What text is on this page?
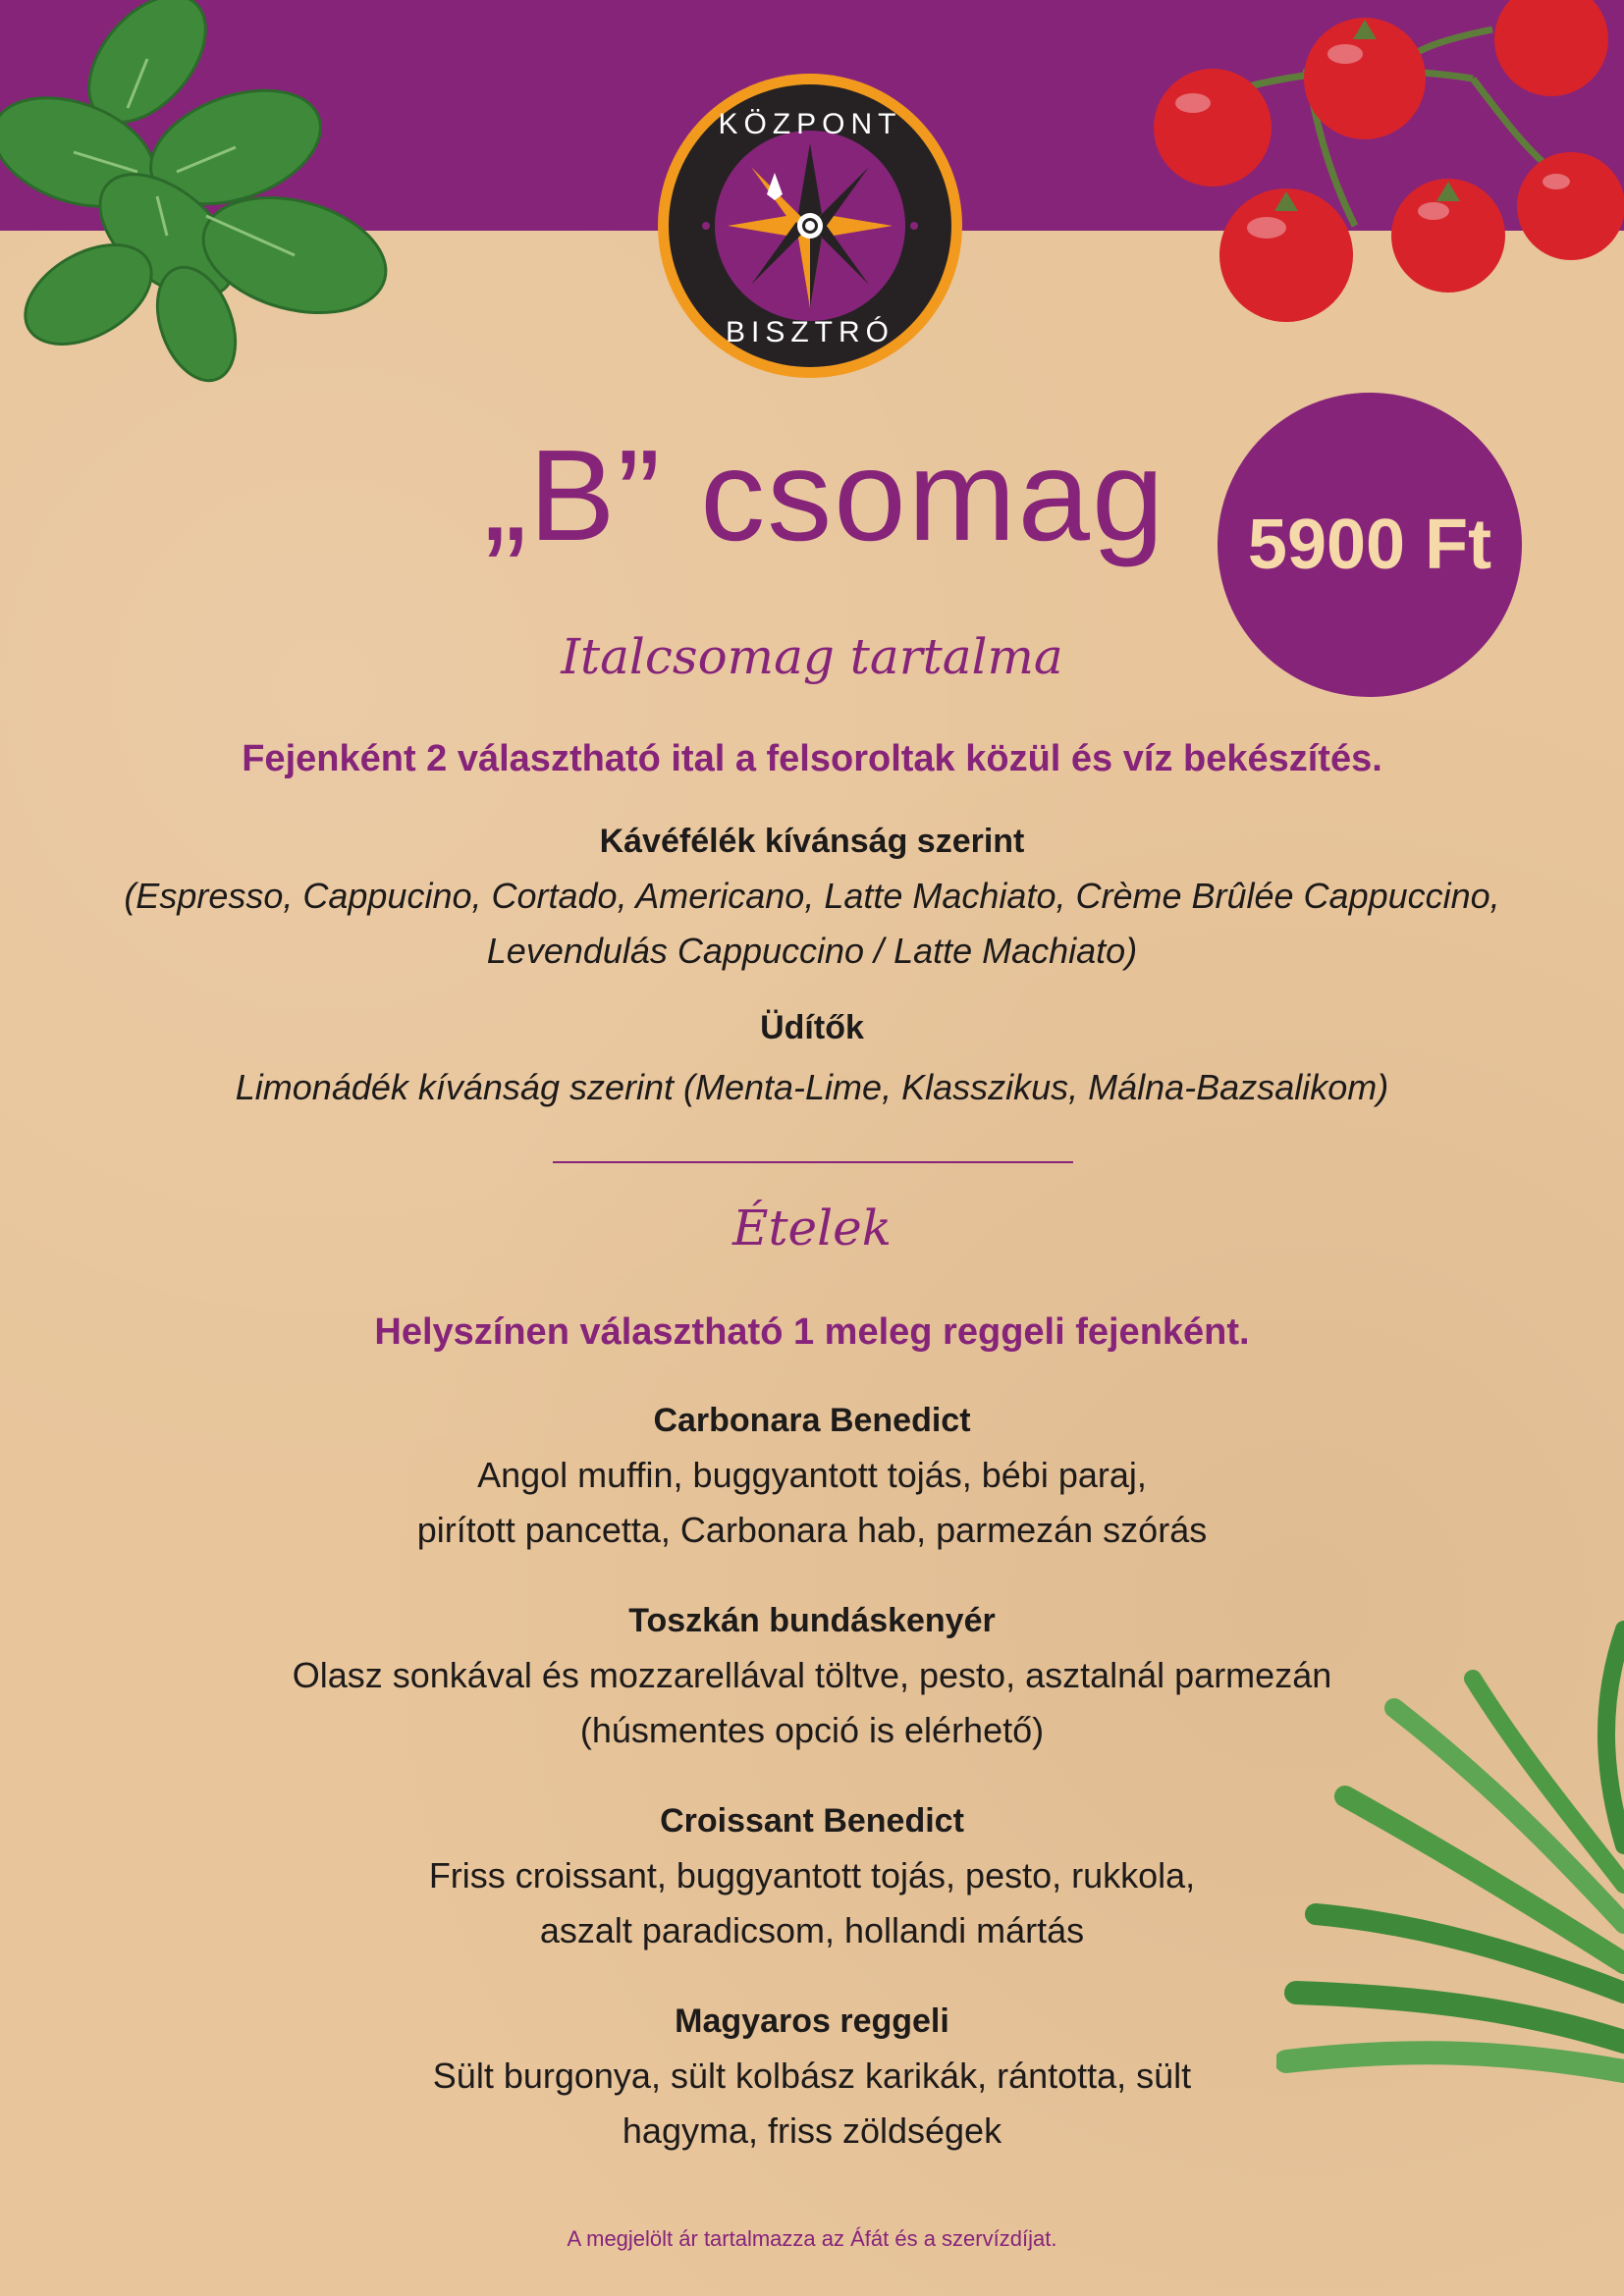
KÖZPONT
BISZTRÓ
„B” csomag 5900 Ft
Italcsomag tartalma
Fejenként 2 választható ital a felsoroltak közül és víz bekészítés.
Kávéfélék kívánság szerint
(Espresso, Cappucino, Cortado, Americano, Latte Machiato, Crème Brûlée Cappuccino,
Levendulás Cappuccino / Latte Machiato)
Üdítők
Limonádék kívánság szerint (Menta-Lime, Klasszikus, Málna-Bazsalikom)
Ételek
Helyszínen választható 1 meleg reggeli fejenként.
Carbonara Benedict
Angol muffin, buggyantott tojás, bébi paraj,
pirított pancetta, Carbonara hab, parmezán szórás
Toszkán bundáskenyér
Olasz sonkával és mozzarellával töltve, pesto, asztalnál parmezán
(húsmentes opció is elérhető)
Croissant Benedict
Friss croissant, buggyantott tojás, pesto, rukkola,
aszalt paradicsom, hollandi mártás
Magyaros reggeli
Sült burgonya, sült kolbász karikák, rántotta, sült
hagyma, friss zöldségek
A megjelölt ár tartalmazza az Áfát és a szervízdíjat.
